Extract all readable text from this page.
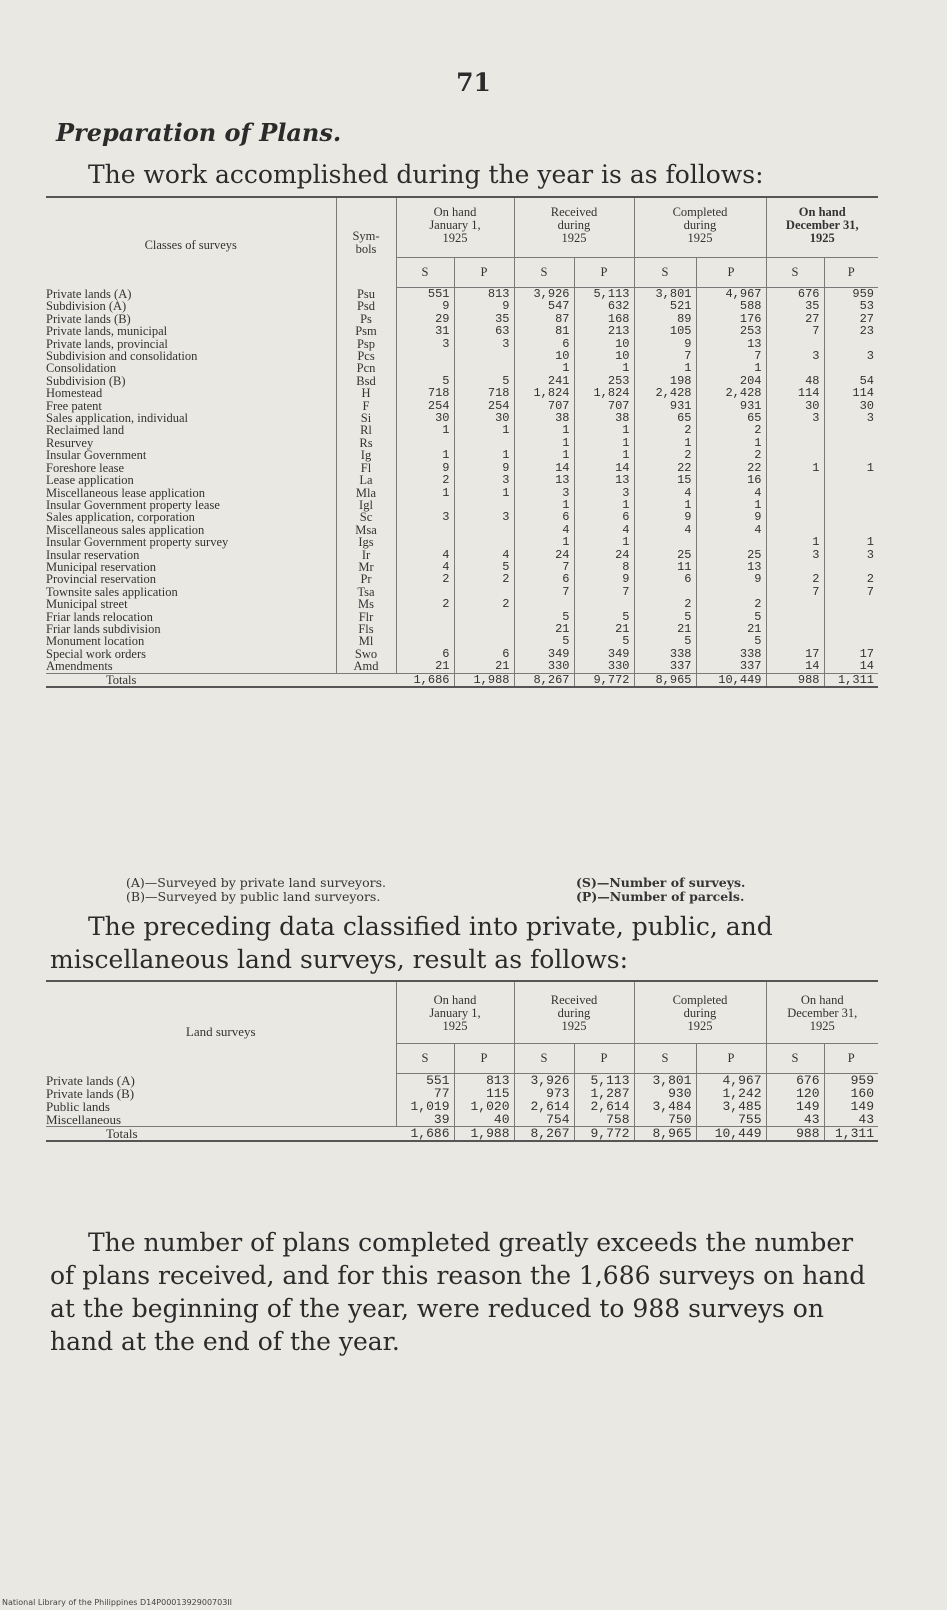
71
Preparation of Plans.
The work accomplished during the year is as follows:
Classes of surveys	Sym-
bols	On hand
January 1,
1925		Received
during
1925		Completed
during
1925		On hand
December 31,
1925	
		S	P	S	P	S	P	S	P
Private lands (A)	Psu	551	813	3,926	5,113	3,801	4,967	676	959
Subdivision (A)	Psd	9	9	547	632	521	588	35	53
Private lands (B)	Ps	29	35	87	168	89	176	27	27
Private lands, municipal	Psm	31	63	81	213	105	253	7	23
Private lands, provincial	Psp	3	3	6	10	9	13		
Subdivision and consolidation	Pcs			10	10	7	7	3	3
Consolidation	Pcn			1	1	1	1		
Subdivision (B)	Bsd	5	5	241	253	198	204	48	54
Homestead	H	718	718	1,824	1,824	2,428	2,428	114	114
Free patent	F	254	254	707	707	931	931	30	30
Sales application, individual	Si	30	30	38	38	65	65	3	3
Reclaimed land	Rl	1	1	1	1	2	2		
Resurvey	Rs			1	1	1	1		
Insular Government	Ig	1	1	1	1	2	2		
Foreshore lease	Fl	9	9	14	14	22	22	1	1
Lease application	La	2	3	13	13	15	16		
Miscellaneous lease application	Mla	1	1	3	3	4	4		
Insular Government property lease	Igl			1	1	1	1		
Sales application, corporation	Sc	3	3	6	6	9	9		
Miscellaneous sales application	Msa			4	4	4	4		
Insular Government property survey	Igs			1	1			1	1
Insular reservation	Ir	4	4	24	24	25	25	3	3
Municipal reservation	Mr	4	5	7	8	11	13		
Provincial reservation	Pr	2	2	6	9	6	9	2	2
Townsite sales application	Tsa			7	7			7	7
Municipal street	Ms	2	2			2	2		
Friar lands relocation	Flr			5	5	5	5		
Friar lands subdivision	Fls			21	21	21	21		
Monument location	Ml			5	5	5	5		
Special work orders	Swo	6	6	349	349	338	338	17	17
Amendments	Amd	21	21	330	330	337	337	14	14
Totals		1,686	1,988	8,267	9,772	8,965	10,449	988	1,311
(A)—Surveyed by private land surveyors.
(B)—Surveyed by public land surveyors.
(S)—Number of surveys.
(P)—Number of parcels.
The preceding data classified into private, public, and miscellaneous land surveys, result as follows:
Land surveys	On hand
January 1,
1925		Received
during
1925		Completed
during
1925		On hand
December 31,
1925	
	S	P	S	P	S	P	S	P
Private lands (A)	551	813	3,926	5,113	3,801	4,967	676	959
Private lands (B)	77	115	973	1,287	930	1,242	120	160
Public lands	1,019	1,020	2,614	2,614	3,484	3,485	149	149
Miscellaneous	39	40	754	758	750	755	43	43
Totals	1,686	1,988	8,267	9,772	8,965	10,449	988	1,311
The number of plans completed greatly exceeds the number of plans received, and for this reason the 1,686 surveys on hand at the beginning of the year, were reduced to 988 surveys on hand at the end of the year.
National Library of the Philippines D14P0001392900703II
